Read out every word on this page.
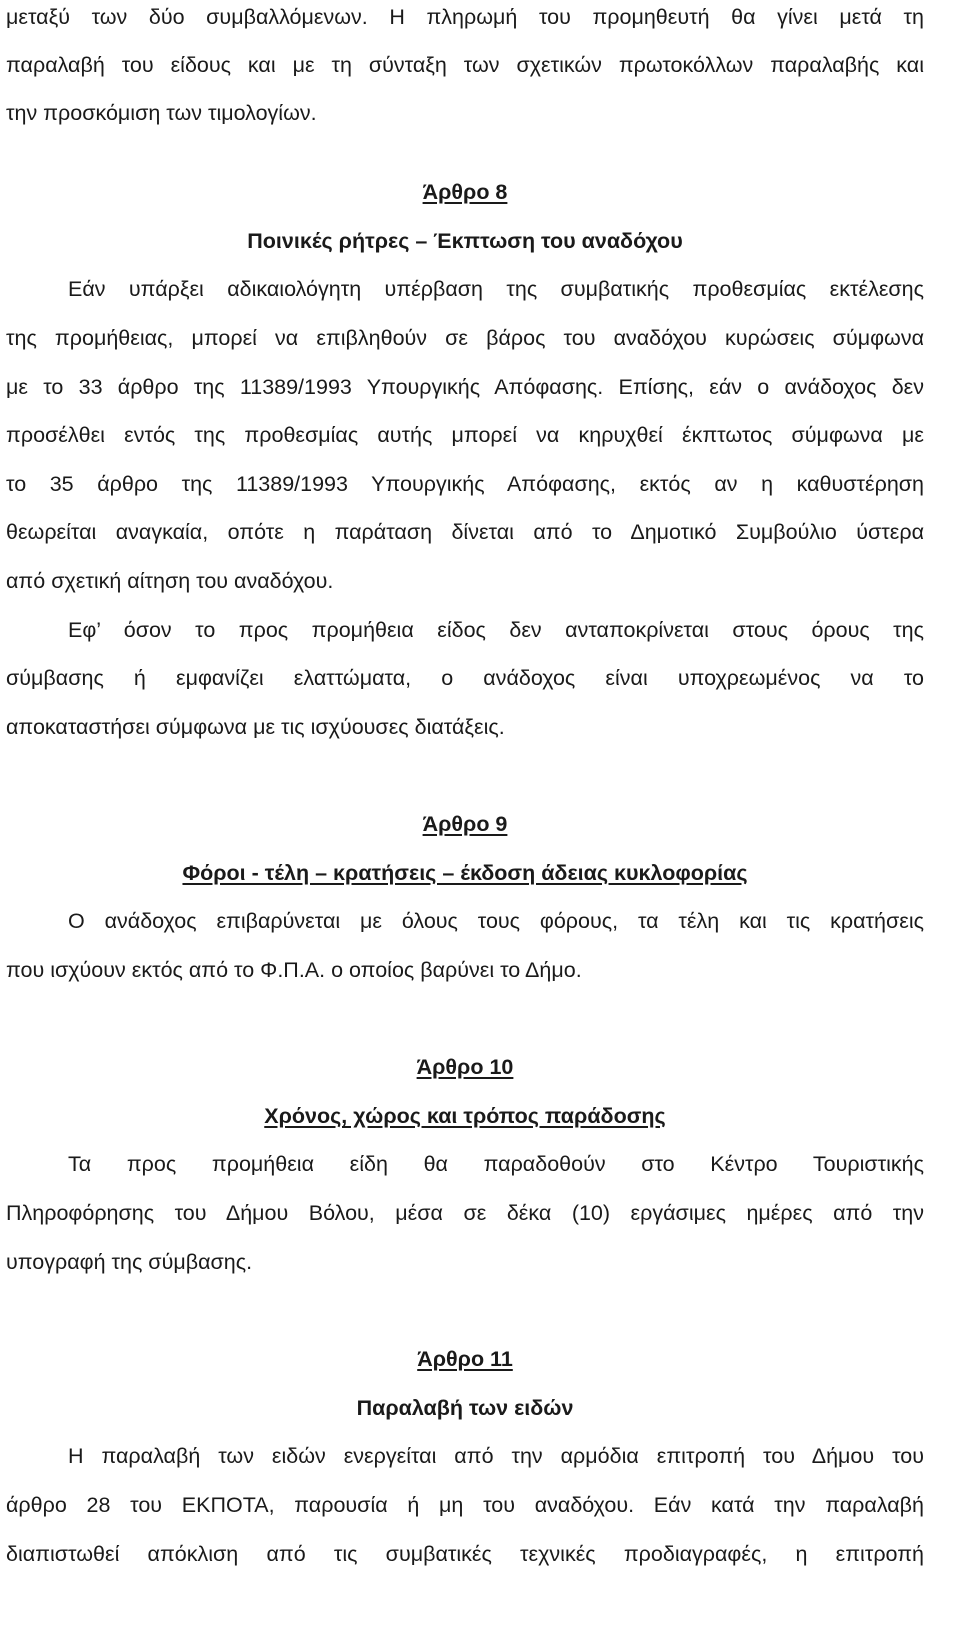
μεταξύ των δύο συμβαλλόμενων. Η πληρωμή του προμηθευτή θα γίνει μετά τη
παραλαβή του είδους και με τη σύνταξη των σχετικών πρωτοκόλλων παραλαβής και
την προσκόμιση των τιμολογίων.
Άρθρο 8
Ποινικές ρήτρες – Έκπτωση του αναδόχου
Εάν υπάρξει αδικαιολόγητη υπέρβαση της συμβατικής προθεσμίας εκτέλεσης
της προμήθειας, μπορεί να επιβληθούν σε βάρος του αναδόχου κυρώσεις σύμφωνα
με το 33 άρθρο της 11389/1993 Υπουργικής Απόφασης. Επίσης, εάν ο ανάδοχος δεν
προσέλθει εντός της προθεσμίας αυτής μπορεί να κηρυχθεί έκπτωτος σύμφωνα με
το 35 άρθρο της 11389/1993 Υπουργικής Απόφασης, εκτός αν η καθυστέρηση
θεωρείται αναγκαία, οπότε η παράταση δίνεται από το Δημοτικό Συμβούλιο ύστερα
από σχετική αίτηση του αναδόχου.
Εφ’ όσον το προς προμήθεια είδος δεν ανταποκρίνεται στους όρους της
σύμβασης ή εμφανίζει ελαττώματα, ο ανάδοχος είναι υποχρεωμένος να το
αποκαταστήσει σύμφωνα με τις ισχύουσες διατάξεις.
Άρθρο 9
Φόροι - τέλη – κρατήσεις – έκδοση άδειας κυκλοφορίας
Ο ανάδοχος επιβαρύνεται με όλους τους φόρους, τα τέλη και τις κρατήσεις
που ισχύουν εκτός από το Φ.Π.Α. ο οποίος βαρύνει το Δήμο.
Άρθρο 10
Χρόνος, χώρος και τρόπος παράδοσης
Τα προς προμήθεια είδη θα παραδοθούν στο Κέντρο Τουριστικής
Πληροφόρησης του Δήμου Βόλου, μέσα σε δέκα (10) εργάσιμες ημέρες από την
υπογραφή της σύμβασης.
Άρθρο 11
Παραλαβή των ειδών
Η παραλαβή των ειδών ενεργείται από την αρμόδια επιτροπή του Δήμου του
άρθρο 28 του ΕΚΠΟΤΑ, παρουσία ή μη του αναδόχου. Εάν κατά την παραλαβή
διαπιστωθεί απόκλιση από τις συμβατικές τεχνικές προδιαγραφές, η επιτροπή
